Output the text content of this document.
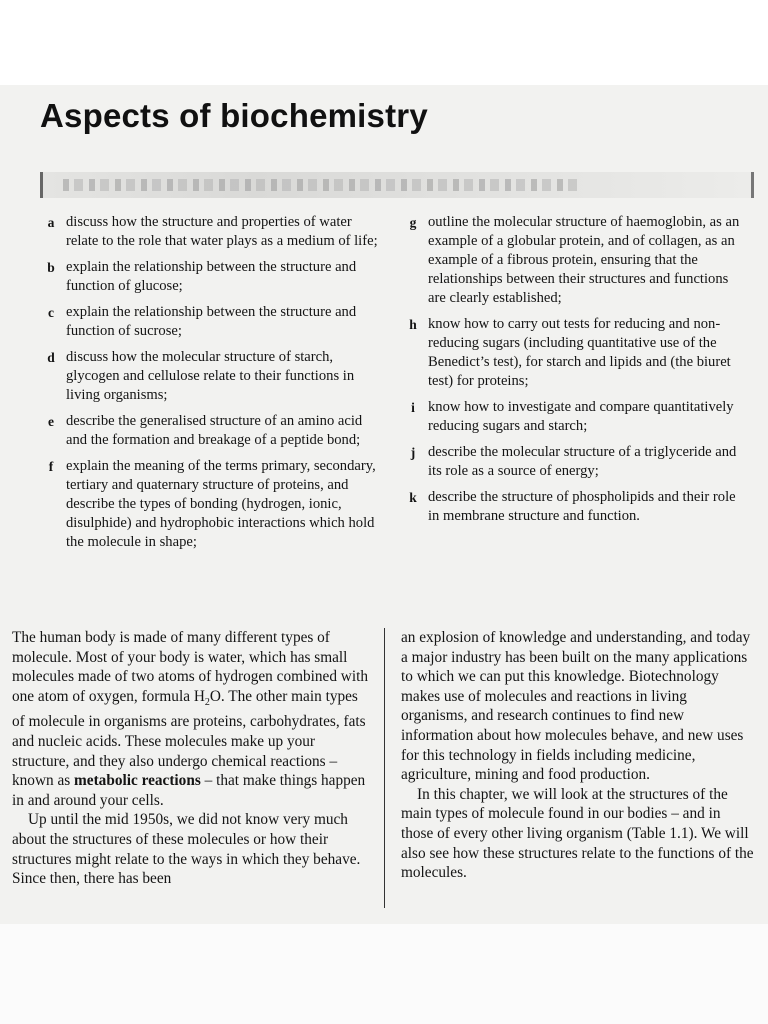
Aspects of biochemistry
a discuss how the structure and properties of water relate to the role that water plays as a medium of life;
b explain the relationship between the structure and function of glucose;
c explain the relationship between the structure and function of sucrose;
d discuss how the molecular structure of starch, glycogen and cellulose relate to their functions in living organisms;
e describe the generalised structure of an amino acid and the formation and breakage of a peptide bond;
f explain the meaning of the terms primary, secondary, tertiary and quaternary structure of proteins, and describe the types of bonding (hydrogen, ionic, disulphide) and hydrophobic interactions which hold the molecule in shape;
g outline the molecular structure of haemoglobin, as an example of a globular protein, and of collagen, as an example of a fibrous protein, ensuring that the relationships between their structures and functions are clearly established;
h know how to carry out tests for reducing and non-reducing sugars (including quantitative use of the Benedict’s test), for starch and lipids and (the biuret test) for proteins;
i know how to investigate and compare quantitatively reducing sugars and starch;
j describe the molecular structure of a triglyceride and its role as a source of energy;
k describe the structure of phospholipids and their role in membrane structure and function.

The human body is made of many different types of molecule. Most of your body is water, which has small molecules made of two atoms of hydrogen combined with one atom of oxygen, formula $H_2O$. The other main types of molecule in organisms are proteins, carbohydrates, fats and nucleic acids. These molecules make up your structure, and they also undergo chemical reactions – known as metabolic reactions – that make things happen in and around your cells.

Up until the mid 1950s, we did not know very much about the structures of these molecules or how their structures might relate to the ways in which they behave. Since then, there has been

an explosion of knowledge and understanding, and today a major industry has been built on the many applications to which we can put this knowledge. Biotechnology makes use of molecules and reactions in living organisms, and research continues to find new information about how molecules behave, and new uses for this technology in fields including medicine, agriculture, mining and food production.

In this chapter, we will look at the structures of the main types of molecule found in our bodies – and in those of every other living organism (Table 1.1). We will also see how these structures relate to the functions of the molecules.
